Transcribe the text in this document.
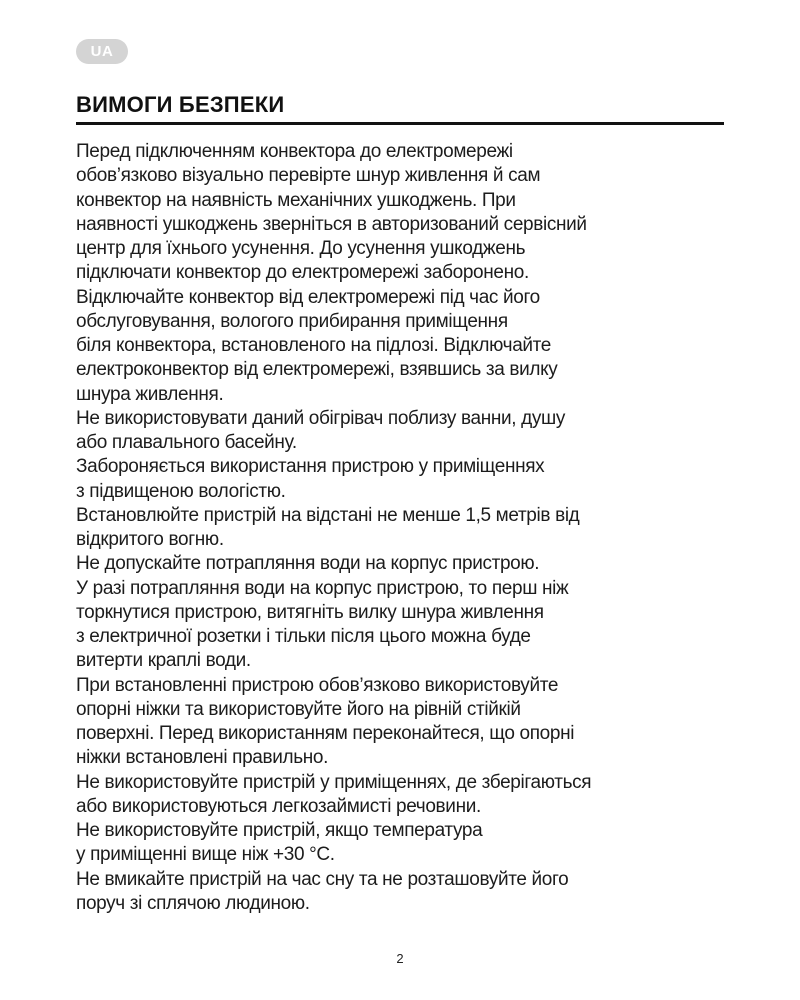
UA
ВИМОГИ БЕЗПЕКИ
Перед підключенням конвектора до електромережі
обов’язково візуально перевірте шнур живлення й сам
конвектор на наявність механічних ушкоджень. При
наявності ушкоджень зверніться в авторизований сервісний
центр для їхнього усунення. До усунення ушкоджень
підключати конвектор до електромережі заборонено.
Відключайте конвектор від електромережі під час його
обслуговування, вологого прибирання приміщення
біля конвектора, встановленого на підлозі. Відключайте
електроконвектор від електромережі, взявшись за вилку
шнура живлення.
Не використовувати даний обігрівач поблизу ванни, душу
або плавального басейну.
Забороняється використання пристрою у приміщеннях
з підвищеною вологістю.
Встановлюйте пристрій на відстані не менше 1,5 метрів від
відкритого вогню.
Не допускайте потрапляння води на корпус пристрою.
У разі потрапляння води на корпус пристрою, то перш ніж
торкнутися пристрою, витягніть вилку шнура живлення
з електричної розетки і тільки після цього можна буде
витерти краплі води.
При встановленні пристрою обов’язково використовуйте
опорні ніжки та використовуйте його на рівній стійкій
поверхні. Перед використанням переконайтеся, що опорні
ніжки встановлені правильно.
Не використовуйте пристрій у приміщеннях, де зберігаються
або використовуються легкозаймисті речовини.
Не використовуйте пристрій, якщо температура
у приміщенні вище ніж +30 °C.
Не вмикайте пристрій на час сну та не розташовуйте його
поруч зі сплячою людиною.
2
